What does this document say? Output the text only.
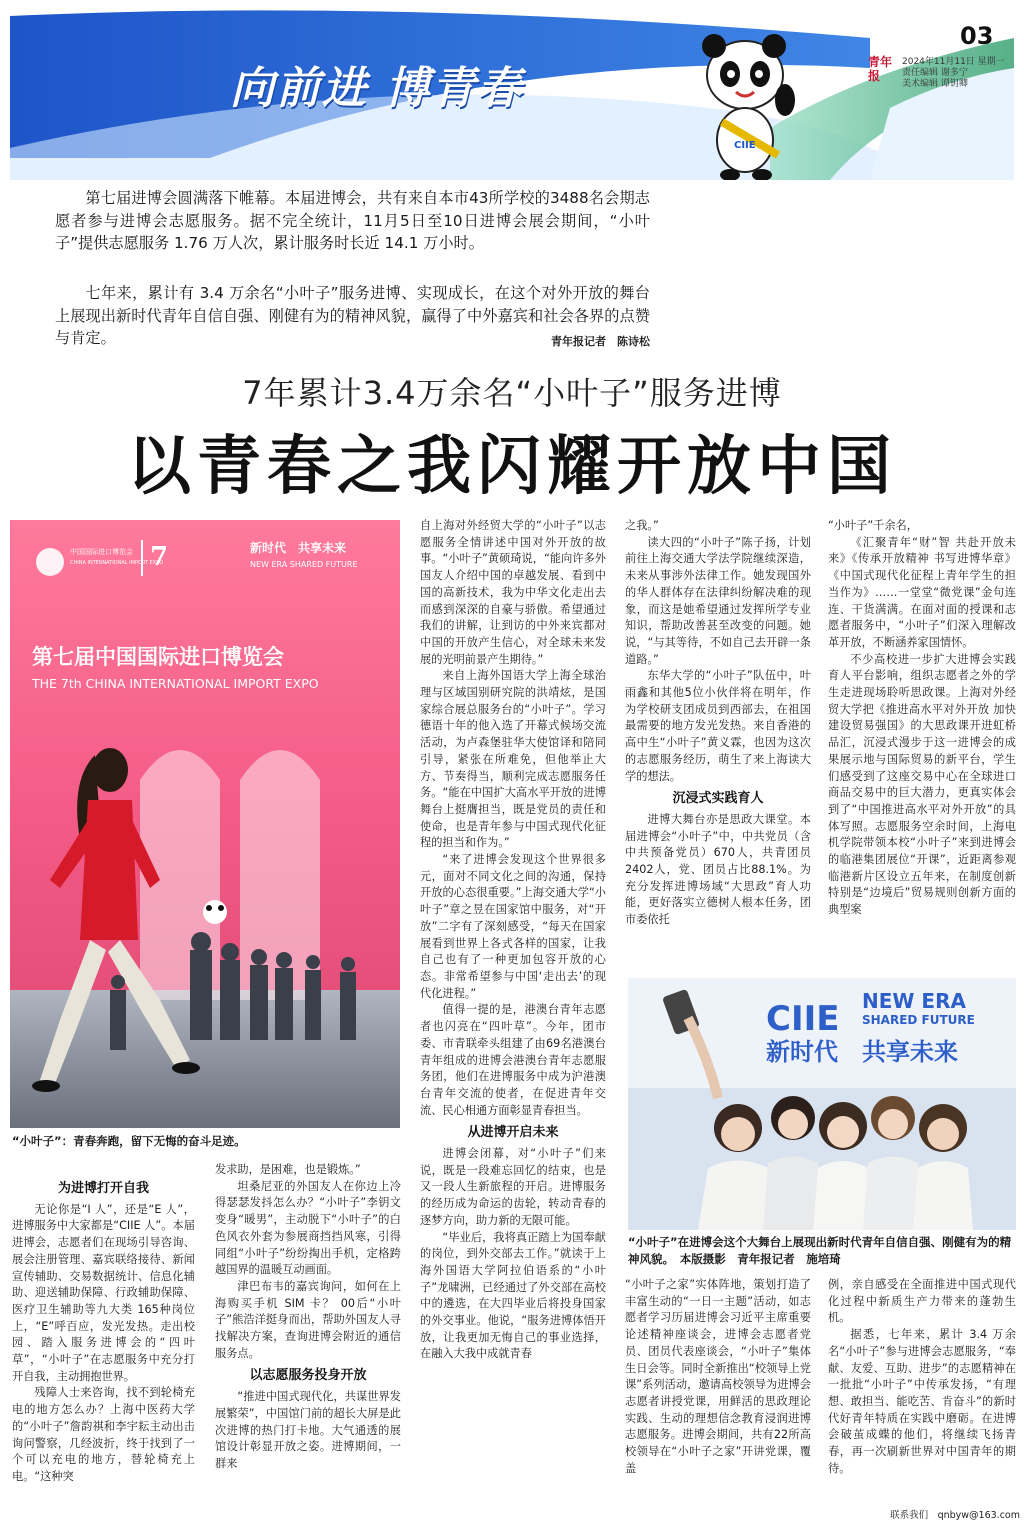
向前进 博青春
CIIE
03
青年报
2024年11月11日 星期一
责任编辑 谢多宁
美术编辑 谭钥卿

第七届进博会圆满落下帷幕。本届进博会，共有来自本市43所学校的3488名会期志愿者参与进博会志愿服务。据不完全统计，11月5日至10日进博会展会期间，“小叶子”提供志愿服务 1.76 万人次，累计服务时长近 14.1 万小时。

七年来，累计有 3.4 万余名“小叶子”服务进博、实现成长，在这个对外开放的舞台上展现出新时代青年自信自强、刚健有为的精神风貌，赢得了中外嘉宾和社会各界的点赞与肯定。	青年报记者　陈诗松
7年累计3.4万余名“小叶子”服务进博
以青春之我闪耀开放中国
7
中国国际进口博览会
CHINA INTERNATIONAL IMPORT EXPO
新时代　共享未来
NEW ERA SHARED FUTURE
第七届中国国际进口博览会
THE 7th CHINA INTERNATIONAL IMPORT EXPO
“小叶子”：青春奔跑，留下无悔的奋斗足迹。
为进博打开自我

无论你是“I 人”，还是“E 人”，进博服务中大家都是“CIIE 人”。本届进博会，志愿者们在现场引导咨询、展会注册管理、嘉宾联络接待、新闻宣传辅助、交易数据统计、信息化辅助、迎送辅助保障、行政辅助保障、医疗卫生辅助等九大类 165种岗位上，“E”呼百应，发光发热。走出校园、踏入服务进博会的“四叶草”，“小叶子”在志愿服务中充分打开自我，主动拥抱世界。

残障人士来咨询，找不到轮椅充电的地方怎么办？上海中医药大学的“小叶子”詹韵祺和李宇耘主动出击询问警察，几经波折，终于找到了一个可以充电的地方，替轮椅充上电。“这种突

发求助，是困难，也是锻炼。”

坦桑尼亚的外国友人在你边上冷得瑟瑟发抖怎么办？“小叶子”李钥文变身“暖男”，主动脱下“小叶子”的白色风衣外套为参展商挡挡风寒，引得同组“小叶子”纷纷掏出手机，定格跨越国界的温暖互动画面。

津巴布韦的嘉宾询问，如何在上海购买手机 SIM 卡？ 00后“小叶子”熊浩洋挺身而出，帮助外国友人寻找解决方案，查询进博会附近的通信服务点。

以志愿服务投身开放

“推进中国式现代化，共谋世界发展繁荣”，中国馆门前的超长大屏是此次进博的热门打卡地。大气通透的展馆设计彰显开放之姿。进博期间，一群来

自上海对外经贸大学的“小叶子”以志愿服务全情讲述中国对外开放的故事。“小叶子”黄硕琦说，“能向许多外国友人介绍中国的卓越发展、看到中国的高新技术，我为中华文化走出去而感到深深的自豪与骄傲。希望通过我们的讲解，让到访的中外来宾都对中国的开放产生信心，对全球未来发展的光明前景产生期待。”

来自上海外国语大学上海全球治理与区域国别研究院的洪靖炫，是国家综合展总服务台的“小叶子”。学习德语十年的他入选了开幕式候场交流活动，为卢森堡驻华大使馆译和陪同引导，紧张在所难免，但他举止大方、节奏得当，顺利完成志愿服务任务。“能在中国扩大高水平开放的进博舞台上挺膺担当，既是党员的责任和使命，也是青年参与中国式现代化征程的担当和作为。”

“来了进博会发现这个世界很多元，面对不同文化之间的沟通，保持开放的心态很重要。”上海交通大学“小叶子”章之昱在国家馆中服务，对“开放”二字有了深刻感受，“每天在国家展看到世界上各式各样的国家，让我自己也有了一种更加包容开放的心态。非常希望参与中国‘走出去’的现代化进程。”

值得一提的是，港澳台青年志愿者也闪亮在“四叶草”。今年，团市委、市青联牵头组建了由69名港澳台青年组成的进博会港澳台青年志愿服务团，他们在进博服务中成为沪港澳台青年交流的使者，在促进青年交流、民心相通方面彰显青春担当。

从进博开启未来

进博会闭幕，对“小叶子”们来说，既是一段难忘回忆的结束，也是又一段人生新旅程的开启。进博服务的经历成为命运的齿轮，转动青春的逐梦方向，助力新的无限可能。

“毕业后，我将真正踏上为国奉献的岗位，到外交部去工作。”就读于上海外国语大学阿拉伯语系的“小叶子”龙啸洲，已经通过了外交部在高校中的遴选，在大四毕业后将投身国家的外交事业。他说，“服务进博体悟开放，让我更加无悔自己的事业选择，在融入大我中成就青春

之我。”

读大四的“小叶子”陈子扬，计划前往上海交通大学法学院继续深造，未来从事涉外法律工作。她发现国外的华人群体存在法律纠纷解决难的现象，而这是她希望通过发挥所学专业知识，帮助改善甚至改变的问题。她说，“与其等待，不如自己去开辟一条道路。”

东华大学的“小叶子”队伍中，叶雨鑫和其他5位小伙伴将在明年，作为学校研支团成员到西部去，在祖国最需要的地方发光发热。来自香港的高中生“小叶子”黄义霖，也因为这次的志愿服务经历，萌生了来上海读大学的想法。

沉浸式实践育人

进博大舞台亦是思政大课堂。本届进博会“小叶子”中，中共党员（含中共预备党员）670人，共青团员2402人，党、团员占比88.1%。为充分发挥进博场域“大思政”育人功能，更好落实立德树人根本任务，团市委依托

“小叶子”千余名，

《汇聚青年“财”智 共赴开放未来》《传承开放精神 书写进博华章》《中国式现代化征程上青年学生的担当作为》……一堂堂“微党课”金句连连、干货满满。在面对面的授课和志愿者服务中，“小叶子”们深入理解改革开放，不断涵养家国情怀。

不少高校进一步扩大进博会实践育人平台影响，组织志愿者之外的学生走进现场聆听思政课。上海对外经贸大学把《推进高水平对外开放 加快建设贸易强国》的大思政课开进虹桥品汇，沉浸式漫步于这一进博会的成果展示地与国际贸易的新平台，学生们感受到了这座交易中心在全球进口商品交易中的巨大潜力，更真实体会到了“中国推进高水平对外开放”的具体写照。志愿服务空余时间，上海电机学院带领本校“小叶子”来到进博会的临港集团展位“开课”，近距离参观临港新片区设立五年来，在制度创新特别是“边境后”贸易规则创新方面的典型案

CIIE NEW ERA
SHARED FUTURE
新时代　共享未来
“小叶子”在进博会这个大舞台上展现出新时代青年自信自强、刚健有为的精神风貌。　本版摄影　青年报记者　施培琦

“小叶子之家”实体阵地，策划打造了丰富生动的“一日一主题”活动，如志愿者学习历届进博会习近平主席重要论述精神座谈会，进博会志愿者党员、团员代表座谈会，“小叶子”集体生日会等。同时全新推出“校领导上党课”系列活动，邀请高校领导为进博会志愿者讲授党课，用鲜活的思政理论实践、生动的理想信念教育浸润进博志愿服务。进博会期间，共有22所高校领导在“小叶子之家”开讲党课，覆盖

例，亲自感受在全面推进中国式现代化过程中新质生产力带来的蓬勃生机。

据悉，七年来，累计 3.4 万余名“小叶子”参与进博会志愿服务，“奉献、友爱、互助、进步”的志愿精神在一批批“小叶子”中传承发扬，“有理想、敢担当、能吃苦、肯奋斗”的新时代好青年特质在实践中磨砺。在进博会破茧成蝶的他们，将继续飞扬青春，再一次刷新世界对中国青年的期待。

联系我们　qnbyw@163.com
